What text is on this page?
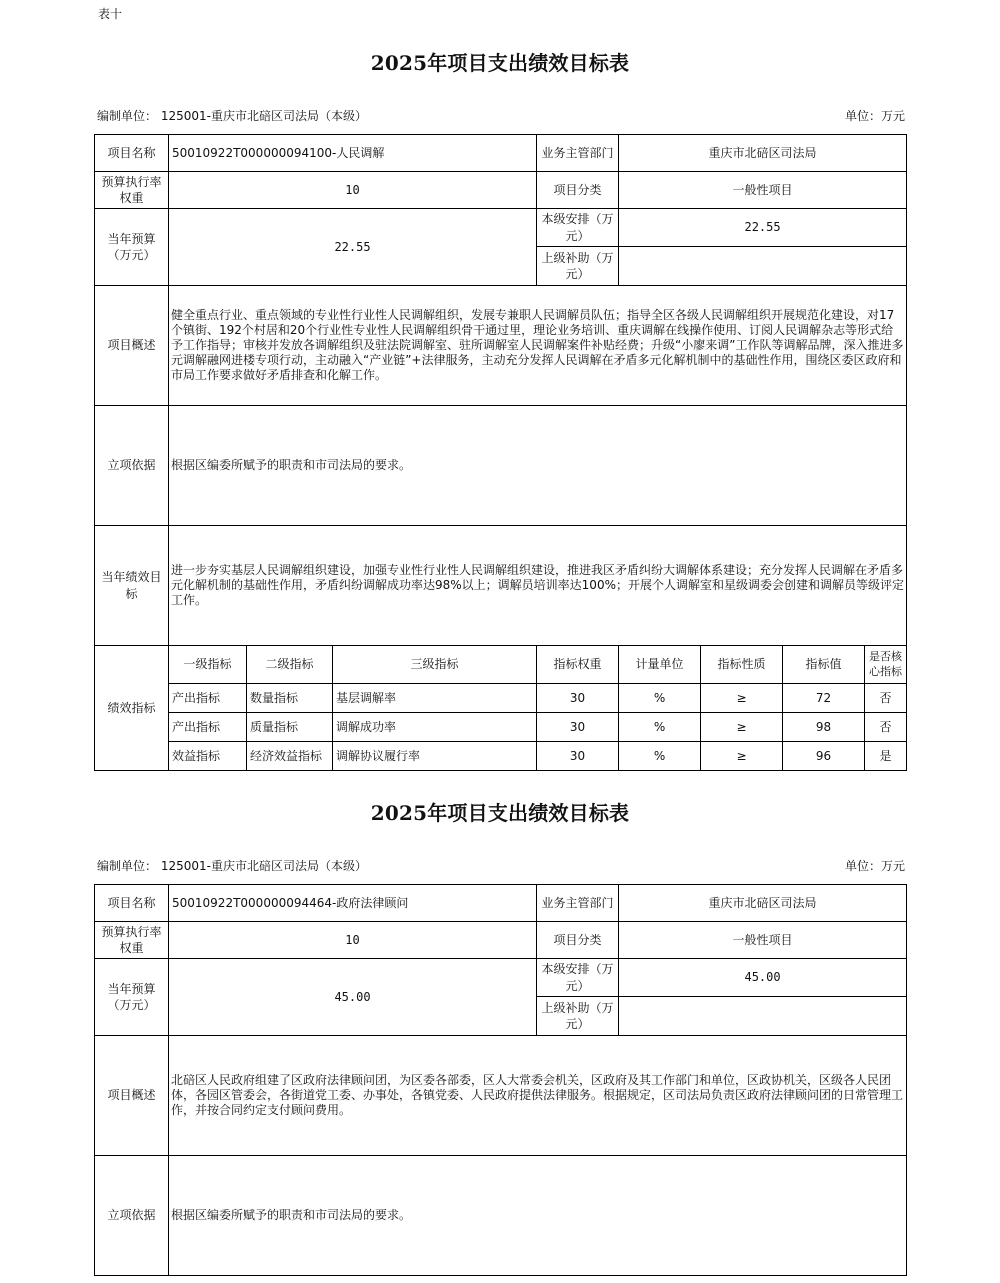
表十
2025年项目支出绩效目标表
编制单位： 125001-重庆市北碚区司法局（本级）	单位：万元
项目名称	50010922T000000094100-人民调解			业务主管部门	重庆市北碚区司法局			
预算执行率权重	10			项目分类	一般性项目			
当年预算（万元）	22.55			本级安排（万元）	22.55			
				上级补助（万元）				
项目概述	健全重点行业、重点领域的专业性行业性人民调解组织，发展专兼职人民调解员队伍；指导全区各级人民调解组织开展规范化建设，对17个镇街、192个村居和20个行业性专业性人民调解组织骨干通过里，理论业务培训、重庆调解在线操作使用、订阅人民调解杂志等形式给予工作指导；审核并发放各调解组织及驻法院调解室、驻所调解室人民调解案件补贴经费；升级“小廖来调”工作队等调解品牌，深入推进多元调解融网进楼专项行动，主动融入“产业链”+法律服务，主动充分发挥人民调解在矛盾多元化解机制中的基础性作用，围绕区委区政府和市局工作要求做好矛盾排查和化解工作。							
立项依据	根据区编委所赋予的职责和市司法局的要求。							
当年绩效目标	进一步夯实基层人民调解组织建设，加强专业性行业性人民调解组织建设，推进我区矛盾纠纷大调解体系建设；充分发挥人民调解在矛盾多元化解机制的基础性作用，矛盾纠纷调解成功率达98%以上；调解员培训率达100%；开展个人调解室和星级调委会创建和调解员等级评定工作。							
绩效指标	一级指标	二级指标	三级指标	指标权重	计量单位	指标性质	指标值	是否核心指标
	产出指标	数量指标	基层调解率	30	%	≥	72	否
	产出指标	质量指标	调解成功率	30	%	≥	98	否
	效益指标	经济效益指标	调解协议履行率	30	%	≥	96	是
2025年项目支出绩效目标表
编制单位： 125001-重庆市北碚区司法局（本级）	单位：万元
项目名称	50010922T000000094464-政府法律顾问	业务主管部门	重庆市北碚区司法局
预算执行率权重	10	项目分类	一般性项目
当年预算（万元）	45.00	本级安排（万元）	45.00
		上级补助（万元）	
项目概述	北碚区人民政府组建了区政府法律顾问团，为区委各部委，区人大常委会机关，区政府及其工作部门和单位，区政协机关，区级各人民团体，各园区管委会，各街道党工委、办事处，各镇党委、人民政府提供法律服务。根据规定，区司法局负责区政府法律顾问团的日常管理工作，并按合同约定支付顾问费用。		
立项依据	根据区编委所赋予的职责和市司法局的要求。		
